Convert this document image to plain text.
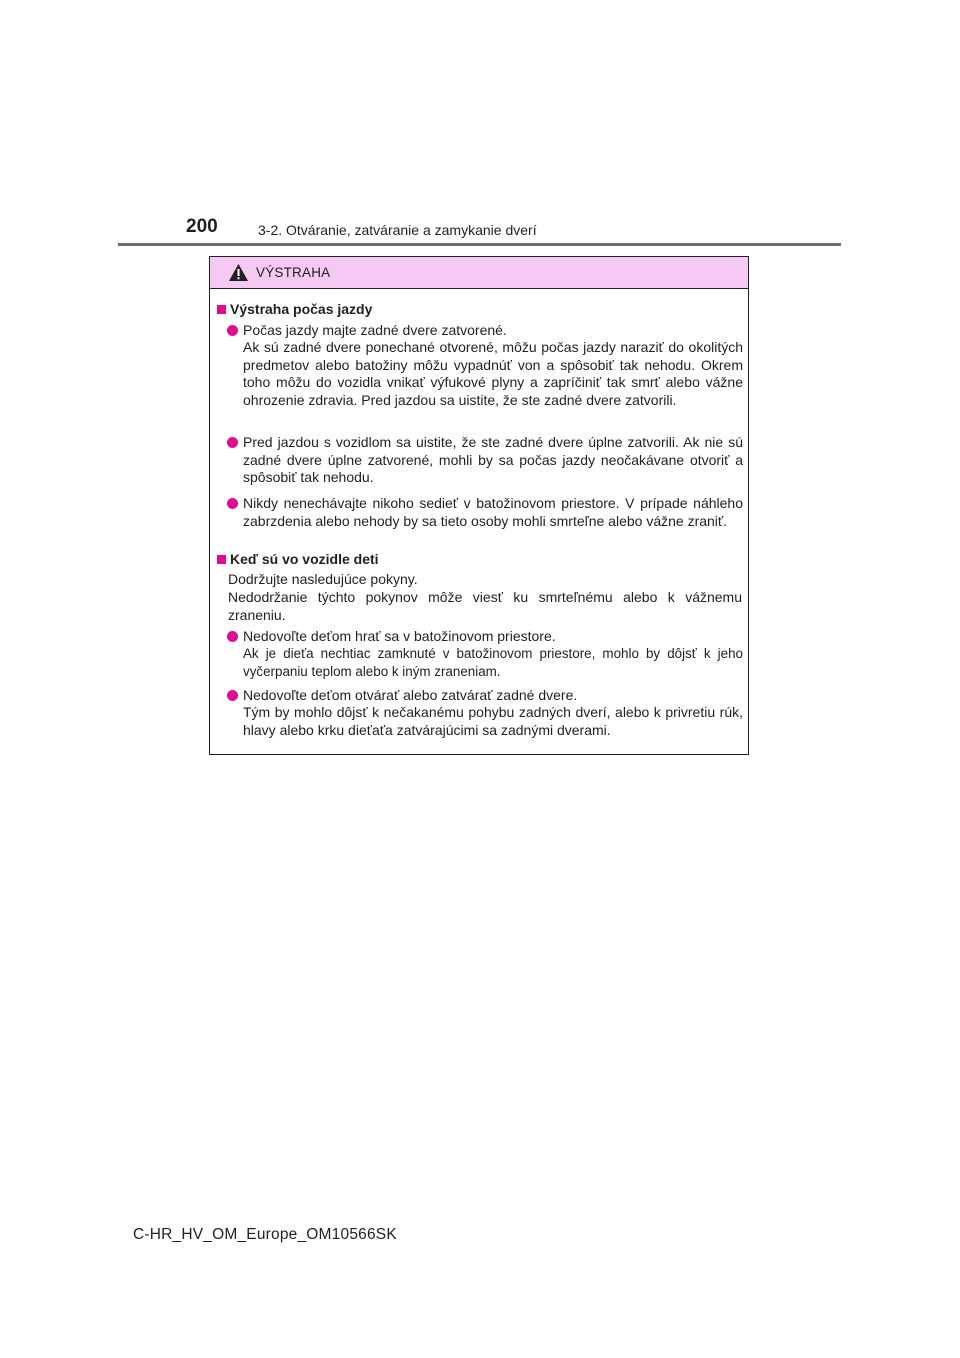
200	3-2. Otváranie, zatváranie a zamykanie dverí
VÝSTRAHA
Výstraha počas jazdy
Počas jazdy majte zadné dvere zatvorené.
Ak sú zadné dvere ponechané otvorené, môžu počas jazdy naraziť do okolitých predmetov alebo batožiny môžu vypadnúť von a spôsobiť tak nehodu. Okrem toho môžu do vozidla vnikať výfukové plyny a zapríčiniť tak smrť alebo vážne ohrozenie zdravia. Pred jazdou sa uistite, že ste zadné dvere zatvorili.
Pred jazdou s vozidlom sa uistite, že ste zadné dvere úplne zatvorili. Ak nie sú zadné dvere úplne zatvorené, mohli by sa počas jazdy neočakávane otvoriť a spôsobiť tak nehodu.
Nikdy nenechávajte nikoho sedieť v batožinovom priestore. V prípade náhleho zabrzdenia alebo nehody by sa tieto osoby mohli smrteľne alebo vážne zraniť.
Keď sú vo vozidle deti
Dodržujte nasledujúce pokyny.
Nedodržanie týchto pokynov môže viesť ku smrteľnému alebo k vážnemu zraneniu.
Nedovoľte deťom hrať sa v batožinovom priestore.
Ak je dieťa nechtiac zamknuté v batožinovom priestore, mohlo by dôjsť k jeho vyčerpaniu teplom alebo k iným zraneniam.
Nedovoľte deťom otvárať alebo zatvárať zadné dvere.
Tým by mohlo dôjsť k nečakanému pohybu zadných dverí, alebo k privretiu rúk, hlavy alebo krku dieťaťa zatvárajúcimi sa zadnými dverami.
C-HR_HV_OM_Europe_OM10566SK
